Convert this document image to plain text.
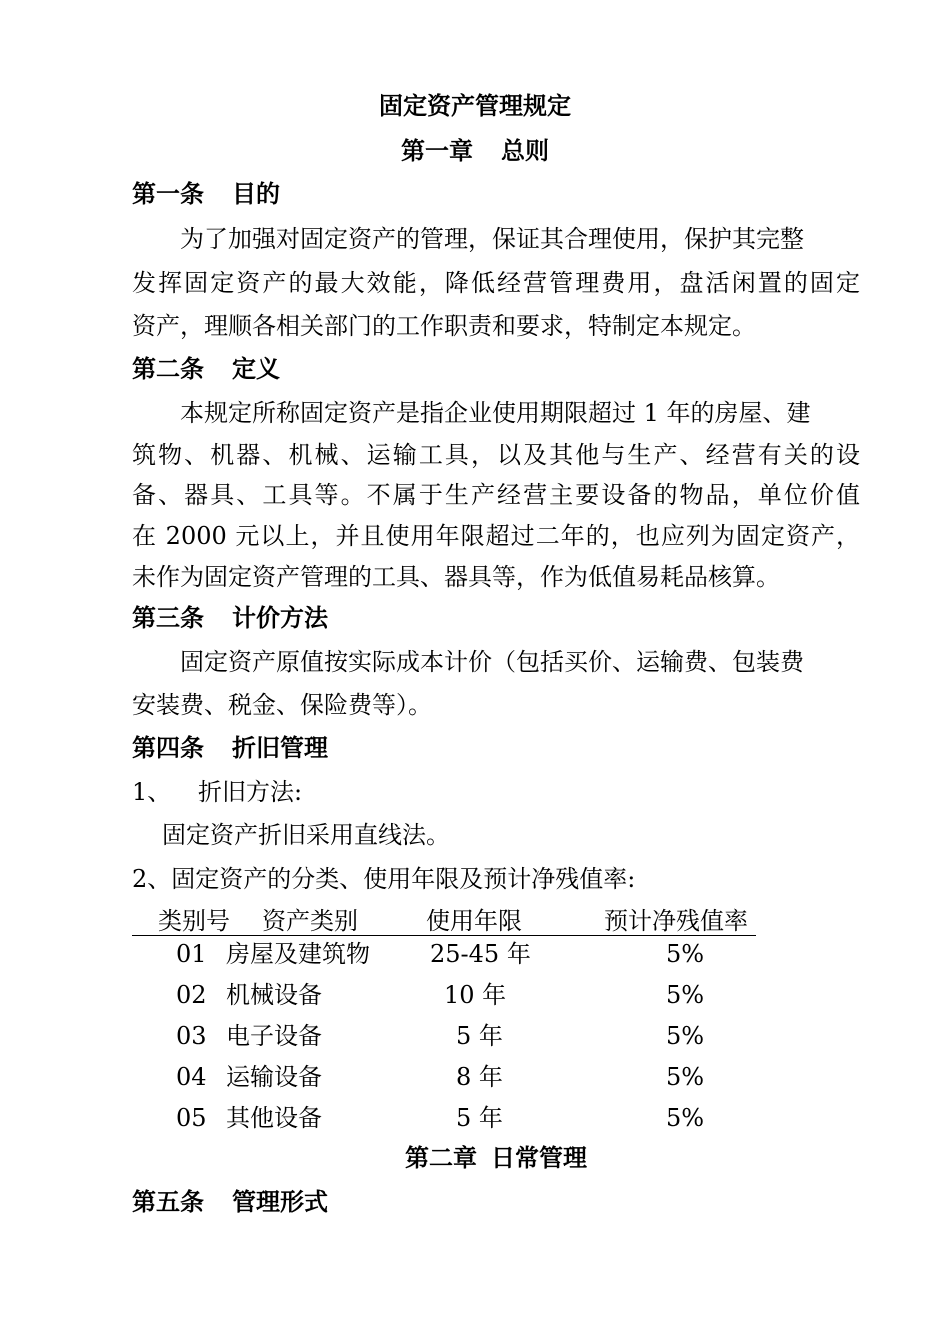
固定资产管理规定
第一章 总则
第一条 目的
为了加强对固定资产的管理，保证其合理使用，保护其完整
发挥固定资产的最大效能，降低经营管理费用，盘活闲置的固定
资产，理顺各相关部门的工作职责和要求，特制定本规定。
第二条 定义
本规定所称固定资产是指企业使用期限超过 1 年的房屋、建
筑物、机器、机械、运输工具，以及其他与生产、经营有关的设
备、器具、工具等。不属于生产经营主要设备的物品，单位价值
在 2000 元以上，并且使用年限超过二年的，也应列为固定资产，
未作为固定资产管理的工具、器具等，作为低值易耗品核算。
第三条 计价方法
固定资产原值按实际成本计价（包括买价、运输费、包装费
安装费、税金、保险费等）。
第四条 折旧管理
1、 折旧方法:
固定资产折旧采用直线法。
2、固定资产的分类、使用年限及预计净残值率:
类别号 资产类别	使用年限	预计净残值率
01 房屋及建筑物	25-45 年	5%
02 机械设备	10 年	5%
03 电子设备	5 年	5%
04 运输设备	8 年	5%
05 其他设备	5 年	5%
第二章 日常管理
第五条 管理形式
